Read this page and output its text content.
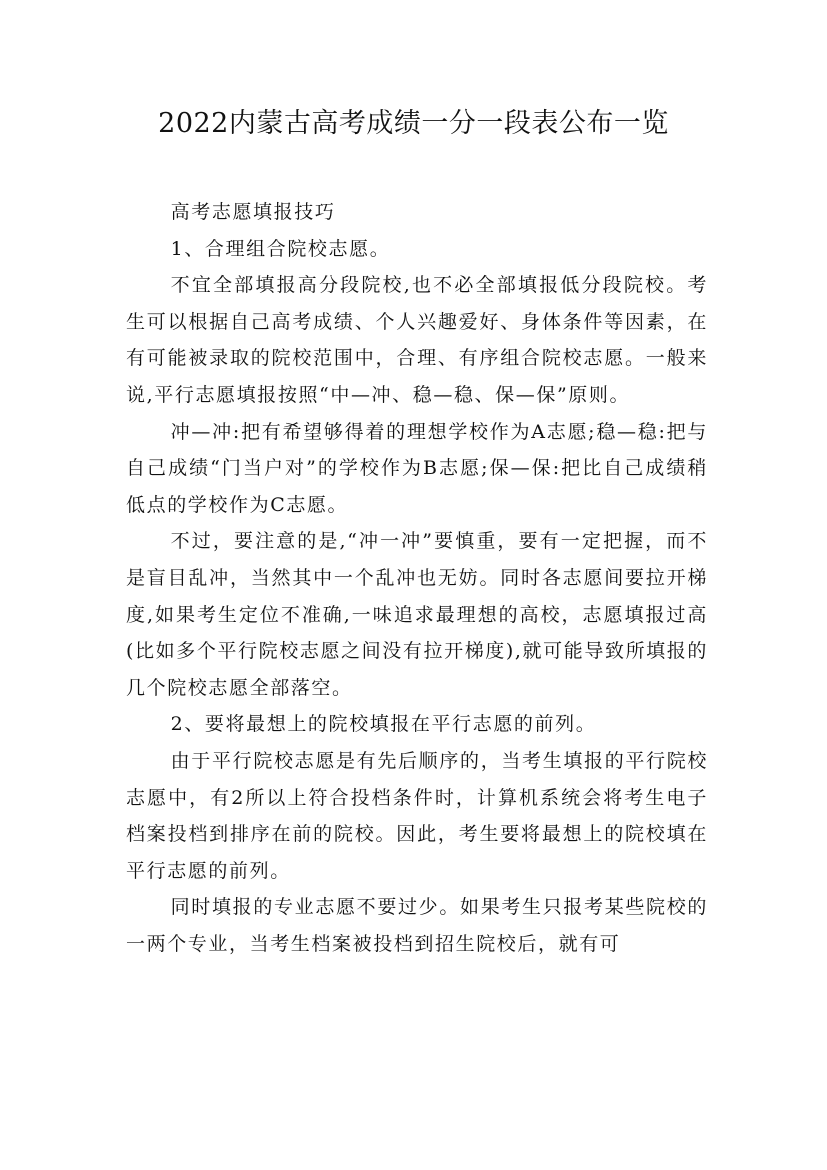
2022内蒙古高考成绩一分一段表公布一览

高考志愿填报技巧

1、合理组合院校志愿。

不宜全部填报高分段院校,也不必全部填报低分段院校。考生可以根据自己高考成绩、个人兴趣爱好、身体条件等因素，在有可能被录取的院校范围中，合理、有序组合院校志愿。一般来说,平行志愿填报按照“中—冲、稳—稳、保—保”原则。

冲—冲:把有希望够得着的理想学校作为A志愿;稳—稳:把与自己成绩“门当户对”的学校作为B志愿;保—保:把比自己成绩稍低点的学校作为C志愿。

不过，要注意的是,“冲一冲”要慎重，要有一定把握，而不是盲目乱冲，当然其中一个乱冲也无妨。同时各志愿间要拉开梯度,如果考生定位不准确,一味追求最理想的高校，志愿填报过高(比如多个平行院校志愿之间没有拉开梯度),就可能导致所填报的几个院校志愿全部落空。

2、要将最想上的院校填报在平行志愿的前列。

由于平行院校志愿是有先后顺序的，当考生填报的平行院校志愿中，有2所以上符合投档条件时，计算机系统会将考生电子档案投档到排序在前的院校。因此，考生要将最想上的院校填在平行志愿的前列。

同时填报的专业志愿不要过少。如果考生只报考某些院校的一两个专业，当考生档案被投档到招生院校后，就有可
